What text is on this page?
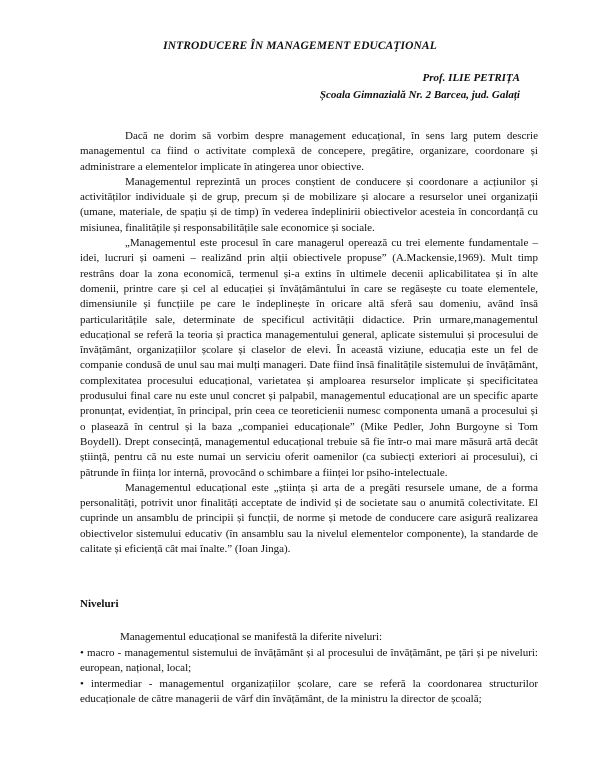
INTRODUCERE ÎN MANAGEMENT EDUCAȚIONAL
Prof. ILIE PETRIȚA
Școala Gimnazială Nr. 2 Barcea, jud. Galați

Dacă ne dorim să vorbim despre management educațional, în sens larg putem descrie managementul ca fiind o activitate complexă de concepere, pregătire, organizare, coordonare și administrare a elementelor implicate în atingerea unor obiective.

Managementul reprezintă un proces conștient de conducere și coordonare a acțiunilor și activităților individuale și de grup, precum și de mobilizare și alocare a resurselor unei organizații (umane, materiale, de spațiu și de timp) în vederea îndeplinirii obiectivelor acesteia în concordanță cu misiunea, finalitățile și responsabilitățile sale economice și sociale.

„Managementul este procesul în care managerul operează cu trei elemente fundamentale –idei, lucruri și oameni – realizând prin alții obiectivele propuse” (A.Mackensie,1969). Mult timp restrâns doar la zona economică, termenul și-a extins în ultimele decenii aplicabilitatea și în alte domenii, printre care și cel al educației și învățământului în care se regăsește cu toate elementele, dimensiunile și funcțiile pe care le îndeplinește în oricare altă sferă sau domeniu, având însă particularitățile sale, determinate de specificul activității didactice. Prin urmare,managementul educațional se referă la teoria și practica managementului general, aplicate sistemului și procesului de învățământ, organizațiilor școlare și claselor de elevi. În această viziune, educația este un fel de companie condusă de unul sau mai mulți manageri. Date fiind însă finalitățile sistemului de învățământ, complexitatea procesului educațional, varietatea și amploarea resurselor implicate și specificitatea produsului final care nu este unul concret și palpabil, managementul educațional are un specific aparte pronunțat, evidențiat, în principal, prin ceea ce teoreticienii numesc componenta umană a procesului și o plasează în centrul și la baza „companiei educaționale” (Mike Pedler, John Burgoyne si Tom Boydell). Drept consecință, managementul educațional trebuie să fie într-o mai mare măsură artă decât știință, pentru că nu este numai un serviciu oferit oamenilor (ca subiecți exteriori ai procesului), ci pătrunde în ființa lor internă, provocând o schimbare a ființei lor psiho-intelectuale.

Managementul educațional este „știința și arta de a pregăti resursele umane, de a forma personalități, potrivit unor finalități acceptate de individ și de societate sau o anumită colectivitate. El cuprinde un ansamblu de principii și funcții, de norme și metode de conducere care asigură realizarea obiectivelor sistemului educativ (în ansamblu sau la nivelul elementelor componente), la standarde de calitate și eficiență cât mai înalte.” (Ioan Jinga).

Niveluri

Managementul educațional se manifestă la diferite niveluri:

• macro - managementul sistemului de învățământ și al procesului de învățământ, pe țări și pe niveluri: european, național, local;

• intermediar - managementul organizațiilor școlare, care se referă la coordonarea structurilor educaționale de către managerii de vârf din învățământ, de la ministru la director de școală;
